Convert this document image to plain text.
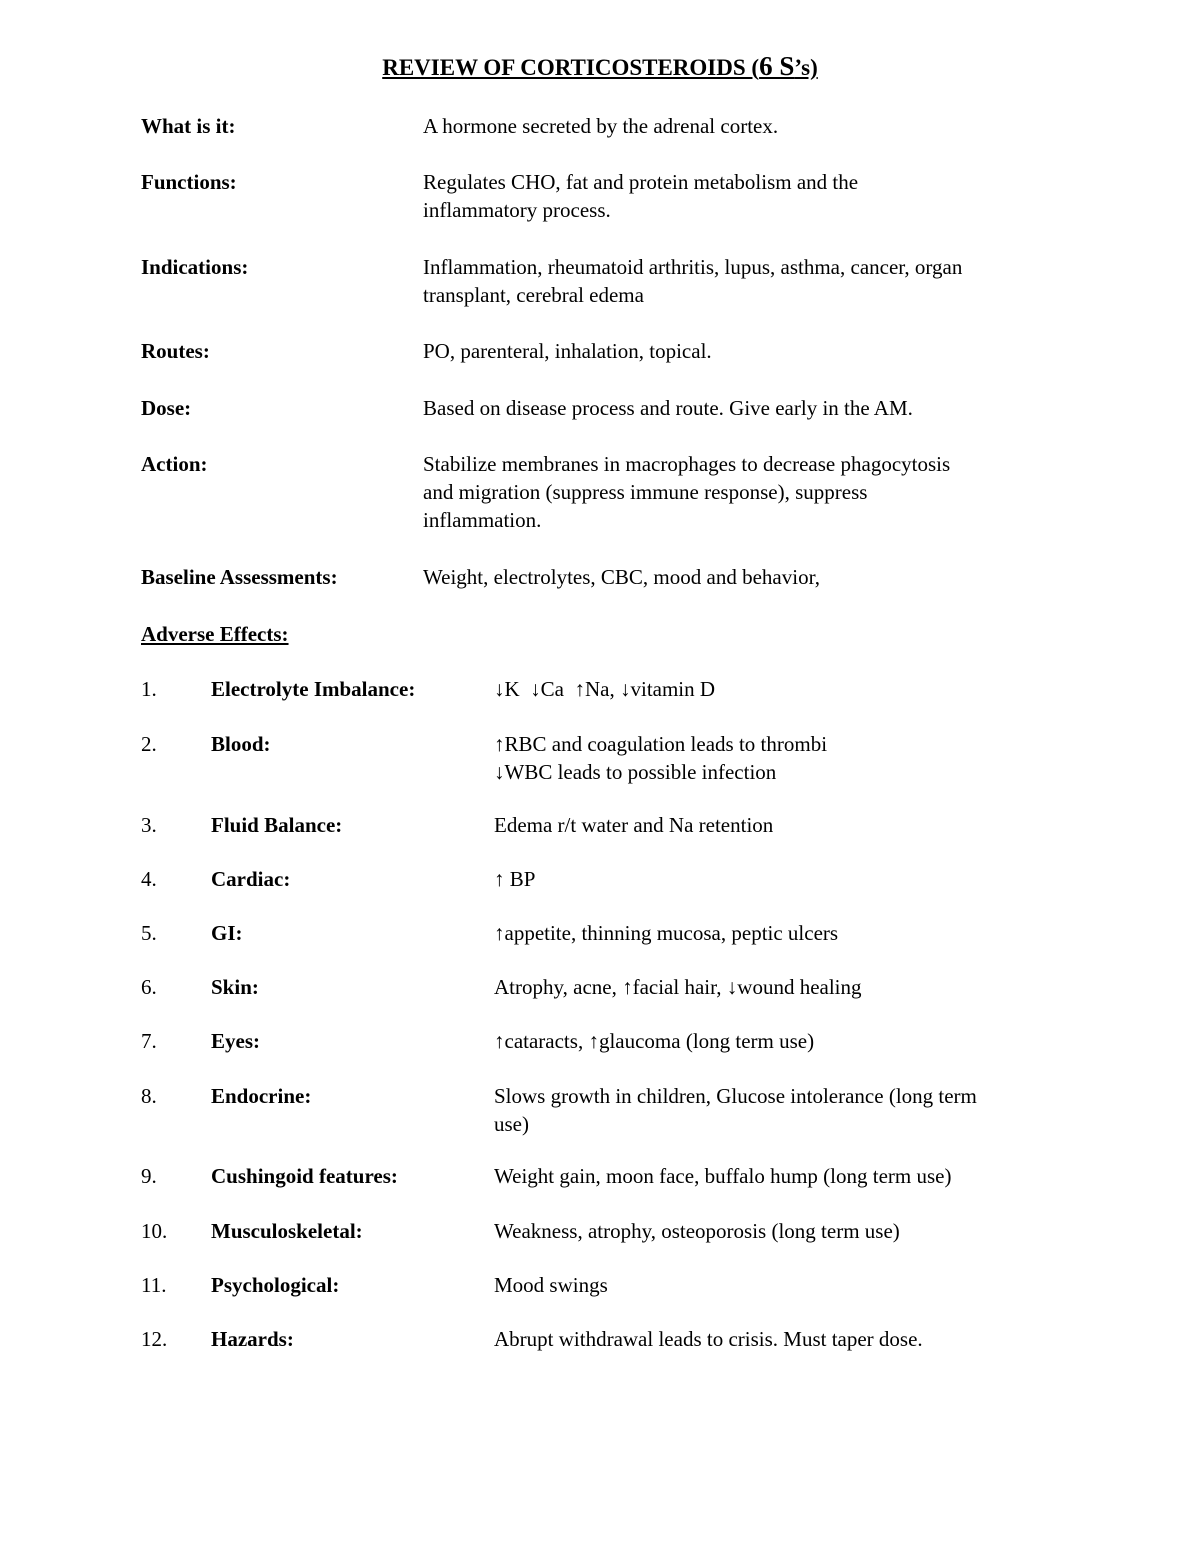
REVIEW OF CORTICOSTEROIDS (6 S’s)
What is it:	A hormone secreted by the adrenal cortex.
Functions:	Regulates CHO, fat and protein metabolism and the
inflammatory process.
Indications:	Inflammation, rheumatoid arthritis, lupus, asthma, cancer, organ
transplant, cerebral edema
Routes:	PO, parenteral, inhalation, topical.
Dose:	Based on disease process and route. Give early in the AM.
Action:	Stabilize membranes in macrophages to decrease phagocytosis
and migration (suppress immune response), suppress
inflammation.
Baseline Assessments:	Weight, electrolytes, CBC, mood and behavior,
Adverse Effects:
1.	Electrolyte Imbalance:	↓K  ↓Ca  ↑Na, ↓vitamin D
2.	Blood:	↑RBC and coagulation leads to thrombi
↓WBC leads to possible infection
3.	Fluid Balance:	Edema r/t water and Na retention
4.	Cardiac:	↑ BP
5.	GI:	↑appetite, thinning mucosa, peptic ulcers
6.	Skin:	Atrophy, acne, ↑facial hair, ↓wound healing
7.	Eyes:	↑cataracts, ↑glaucoma (long term use)
8.	Endocrine:	Slows growth in children, Glucose intolerance (long term
use)
9.	Cushingoid features:	Weight gain, moon face, buffalo hump (long term use)
10. Musculoskeletal:	Weakness, atrophy, osteoporosis (long term use)
11. Psychological:	Mood swings
12. Hazards:	Abrupt withdrawal leads to crisis. Must taper dose.
